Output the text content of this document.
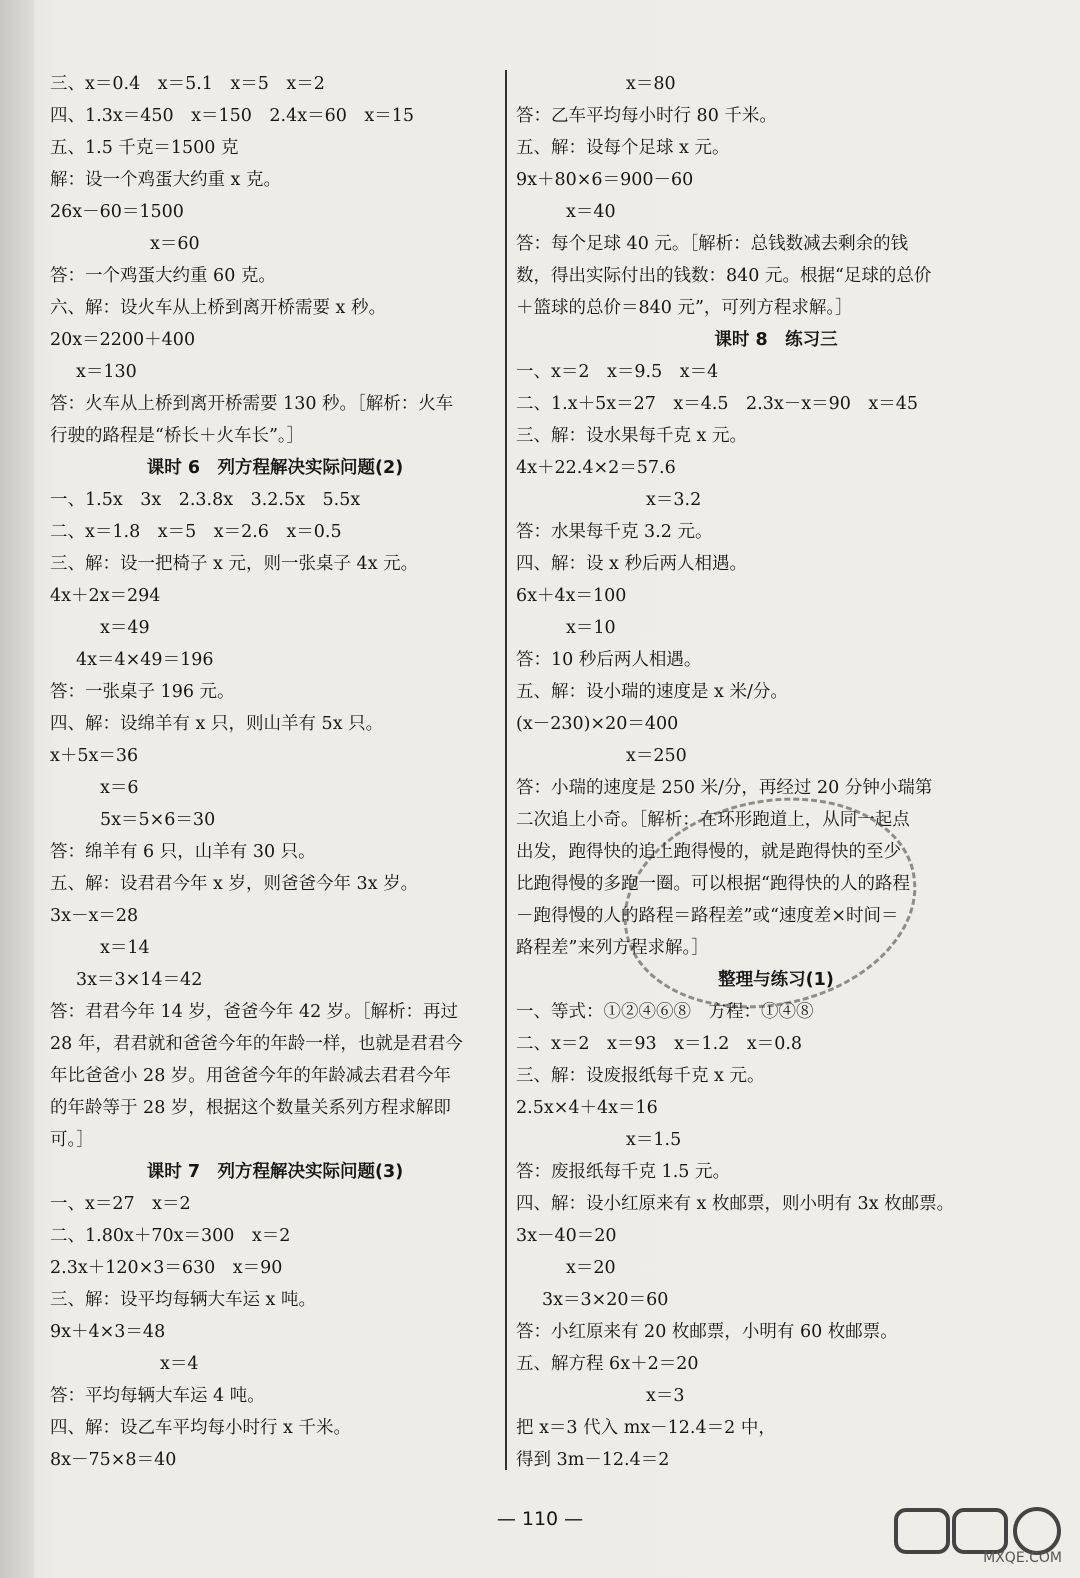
三、x＝0.4　x＝5.1　x＝5　x＝2
四、1.3x＝450　x＝150　2.4x＝60　x＝15
五、1.5 千克＝1500 克
解：设一个鸡蛋大约重 x 克。
26x－60＝1500
x＝60
答：一个鸡蛋大约重 60 克。
六、解：设火车从上桥到离开桥需要 x 秒。
20x＝2200＋400
x＝130
答：火车从上桥到离开桥需要 130 秒。［解析：火车
行驶的路程是“桥长＋火车长”。］
课时 6　列方程解决实际问题(2)
一、1.5x　3x　2.3.8x　3.2.5x　5.5x
二、x＝1.8　x＝5　x＝2.6　x＝0.5
三、解：设一把椅子 x 元，则一张桌子 4x 元。
4x＋2x＝294
x＝49
4x＝4×49＝196
答：一张桌子 196 元。
四、解：设绵羊有 x 只，则山羊有 5x 只。
x＋5x＝36
x＝6
5x＝5×6＝30
答：绵羊有 6 只，山羊有 30 只。
五、解：设君君今年 x 岁，则爸爸今年 3x 岁。
3x－x＝28
x＝14
3x＝3×14＝42
答：君君今年 14 岁，爸爸今年 42 岁。［解析：再过
28 年，君君就和爸爸今年的年龄一样，也就是君君今
年比爸爸小 28 岁。用爸爸今年的年龄减去君君今年
的年龄等于 28 岁，根据这个数量关系列方程求解即
可。］
课时 7　列方程解决实际问题(3)
一、x＝27　x＝2
二、1.80x＋70x＝300　x＝2
2.3x＋120×3＝630　x＝90
三、解：设平均每辆大车运 x 吨。
9x＋4×3＝48
x＝4
答：平均每辆大车运 4 吨。
四、解：设乙车平均每小时行 x 千米。
8x－75×8＝40
x＝80
答：乙车平均每小时行 80 千米。
五、解：设每个足球 x 元。
9x＋80×6＝900－60
x＝40
答：每个足球 40 元。［解析：总钱数减去剩余的钱
数，得出实际付出的钱数：840 元。根据“足球的总价
＋篮球的总价＝840 元”，可列方程求解。］
课时 8　练习三
一、x＝2　x＝9.5　x＝4
二、1.x＋5x＝27　x＝4.5　2.3x－x＝90　x＝45
三、解：设水果每千克 x 元。
4x＋22.4×2＝57.6
x＝3.2
答：水果每千克 3.2 元。
四、解：设 x 秒后两人相遇。
6x＋4x＝100
x＝10
答：10 秒后两人相遇。
五、解：设小瑞的速度是 x 米/分。
(x－230)×20＝400
x＝250
答：小瑞的速度是 250 米/分，再经过 20 分钟小瑞第
二次追上小奇。［解析：在环形跑道上，从同一起点
出发，跑得快的追上跑得慢的，就是跑得快的至少
比跑得慢的多跑一圈。可以根据“跑得快的人的路程
－跑得慢的人的路程＝路程差”或“速度差×时间＝
路程差”来列方程求解。］
整理与练习(1)
一、等式：①②④⑥⑧　方程：①④⑧
二、x＝2　x＝93　x＝1.2　x＝0.8
三、解：设废报纸每千克 x 元。
2.5x×4＋4x＝16
x＝1.5
答：废报纸每千克 1.5 元。
四、解：设小红原来有 x 枚邮票，则小明有 3x 枚邮票。
3x－40＝20
x＝20
3x＝3×20＝60
答：小红原来有 20 枚邮票，小明有 60 枚邮票。
五、解方程 6x＋2＝20
x＝3
把 x＝3 代入 mx－12.4＝2 中，
得到 3m－12.4＝2
— 110 —
MXQE.COM
